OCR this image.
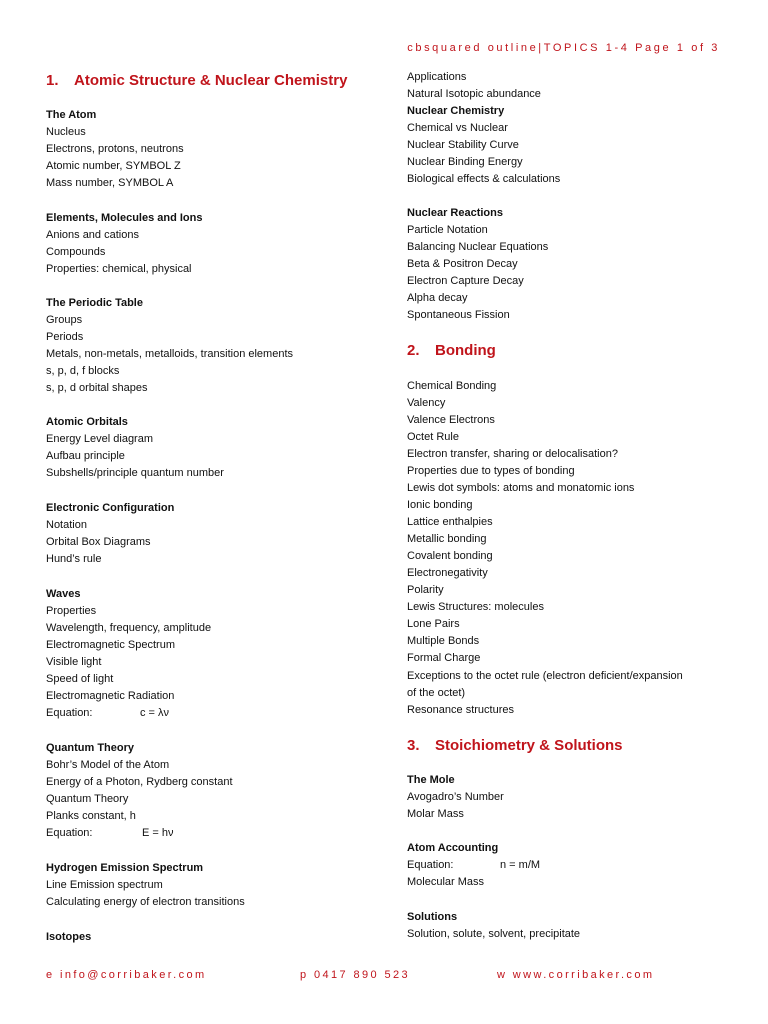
cbsquared outline|TOPICS 1-4 Page 1 of 3
1. Atomic Structure & Nuclear Chemistry
The Atom
Nucleus
Electrons, protons, neutrons
Atomic number, SYMBOL Z
Mass number, SYMBOL A
Elements, Molecules and Ions
Anions and cations
Compounds
Properties: chemical, physical
The Periodic Table
Groups
Periods
Metals, non-metals, metalloids, transition elements
s, p, d, f blocks
s, p, d orbital shapes
Atomic Orbitals
Energy Level diagram
Aufbau principle
Subshells/principle quantum number
Electronic Configuration
Notation
Orbital Box Diagrams
Hund’s rule
Waves
Properties
Wavelength, frequency, amplitude
Electromagnetic Spectrum
Visible light
Speed of light
Electromagnetic Radiation
Equation:	c = λν
Quantum Theory
Bohr’s Model of the Atom
Energy of a Photon, Rydberg constant
Quantum Theory
Planks constant, h
Equation:	E = hν
Hydrogen Emission Spectrum
Line Emission spectrum
Calculating energy of electron transitions
Isotopes
Applications
Natural Isotopic abundance
Nuclear Chemistry
Chemical vs Nuclear
Nuclear Stability Curve
Nuclear Binding Energy
Biological effects & calculations
Nuclear Reactions
Particle Notation
Balancing Nuclear Equations
Beta & Positron Decay
Electron Capture Decay
Alpha decay
Spontaneous Fission
2. Bonding
Chemical Bonding
Valency
Valence Electrons
Octet Rule
Electron transfer, sharing or delocalisation?
Properties due to types of bonding
Lewis dot symbols: atoms and monatomic ions
Ionic bonding
Lattice enthalpies
Metallic bonding
Covalent bonding
Electronegativity
Polarity
Lewis Structures: molecules
Lone Pairs
Multiple Bonds
Formal Charge
Exceptions to the octet rule (electron deficient/expansion
of the octet)
Resonance structures
3. Stoichiometry & Solutions
The Mole
Avogadro’s Number
Molar Mass
Atom Accounting
Equation:	n = m/M
Molecular Mass
Solutions
Solution, solute, solvent, precipitate
e info@corribaker.com	p 0417 890 523	w www.corribaker.com
